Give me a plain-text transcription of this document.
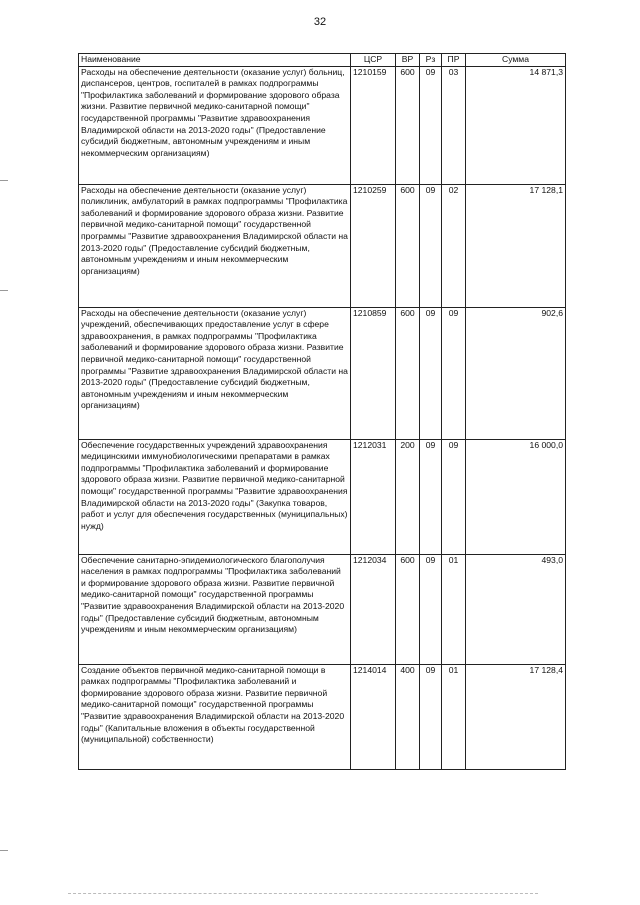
32
Наименование	ЦСР	ВР	Рз	ПР	Сумма
Расходы на обеспечение деятельности (оказание услуг) больниц, диспансеров, центров, госпиталей в рамках подпрограммы "Профилактика заболеваний и формирование здорового образа жизни. Развитие первичной медико-санитарной помощи" государственной программы "Развитие здравоохранения Владимирской области на 2013-2020 годы" (Предоставление субсидий бюджетным, автономным учреждениям и иным некоммерческим организациям)	1210159	600	09	03	14 871,3
Расходы на обеспечение деятельности (оказание услуг) поликлиник, амбулаторий в рамках подпрограммы "Профилактика заболеваний и формирование здорового образа жизни. Развитие первичной медико-санитарной помощи" государственной программы "Развитие здравоохранения Владимирской области на 2013-2020 годы" (Предоставление субсидий бюджетным, автономным учреждениям и иным некоммерческим организациям)	1210259	600	09	02	17 128,1
Расходы на обеспечение деятельности (оказание услуг) учреждений, обеспечивающих предоставление услуг в сфере здравоохранения, в рамках подпрограммы "Профилактика заболеваний и формирование здорового образа жизни. Развитие первичной медико-санитарной помощи" государственной программы "Развитие здравоохранения Владимирской области на 2013-2020 годы" (Предоставление субсидий бюджетным, автономным учреждениям и иным некоммерческим организациям)	1210859	600	09	09	902,6
Обеспечение государственных учреждений здравоохранения медицинскими иммунобиологическими препаратами в рамках подпрограммы "Профилактика заболеваний и формирование здорового образа жизни. Развитие первичной медико-санитарной помощи" государственной программы "Развитие здравоохранения Владимирской области на 2013-2020 годы" (Закупка товаров, работ и услуг для обеспечения государственных (муниципальных) нужд)	1212031	200	09	09	16 000,0
Обеспечение санитарно-эпидемиологического благополучия населения в рамках подпрограммы "Профилактика заболеваний и формирование здорового образа жизни. Развитие первичной медико-санитарной помощи" государственной программы "Развитие здравоохранения Владимирской области на 2013-2020 годы" (Предоставление субсидий бюджетным, автономным учреждениям и иным некоммерческим организациям)	1212034	600	09	01	493,0
Создание объектов первичной медико-санитарной помощи в рамках подпрограммы "Профилактика заболеваний и формирование здорового образа жизни. Развитие первичной медико-санитарной помощи" государственной программы "Развитие здравоохранения Владимирской области на 2013-2020 годы" (Капитальные вложения в объекты государственной (муниципальной) собственности)	1214014	400	09	01	17 128,4
